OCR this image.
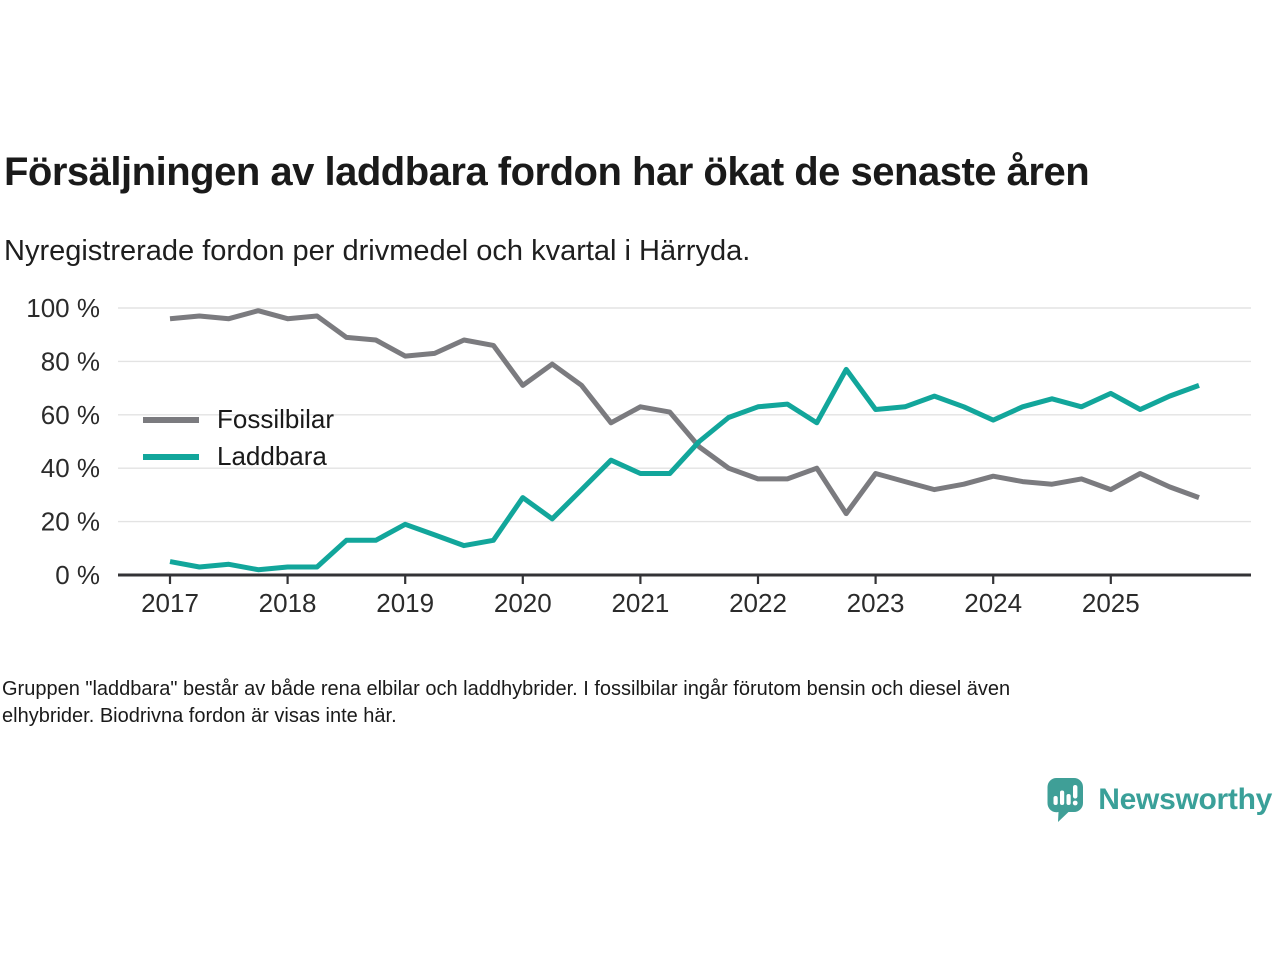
Försäljningen av laddbara fordon har ökat de senaste åren

Nyregistrerade fordon per drivmedel och kvartal i Härryda.

0 %
20 %
40 %
60 %
80 %
100 %
2017 2018 2019 2020 2021 2022 2023 2024 2025
Fossilbilar
Laddbara
Gruppen "laddbara" består av både rena elbilar och laddhybrider. I fossilbilar ingår förutom bensin och diesel även
elhybrider. Biodrivna fordon är visas inte här.
Newsworthy
